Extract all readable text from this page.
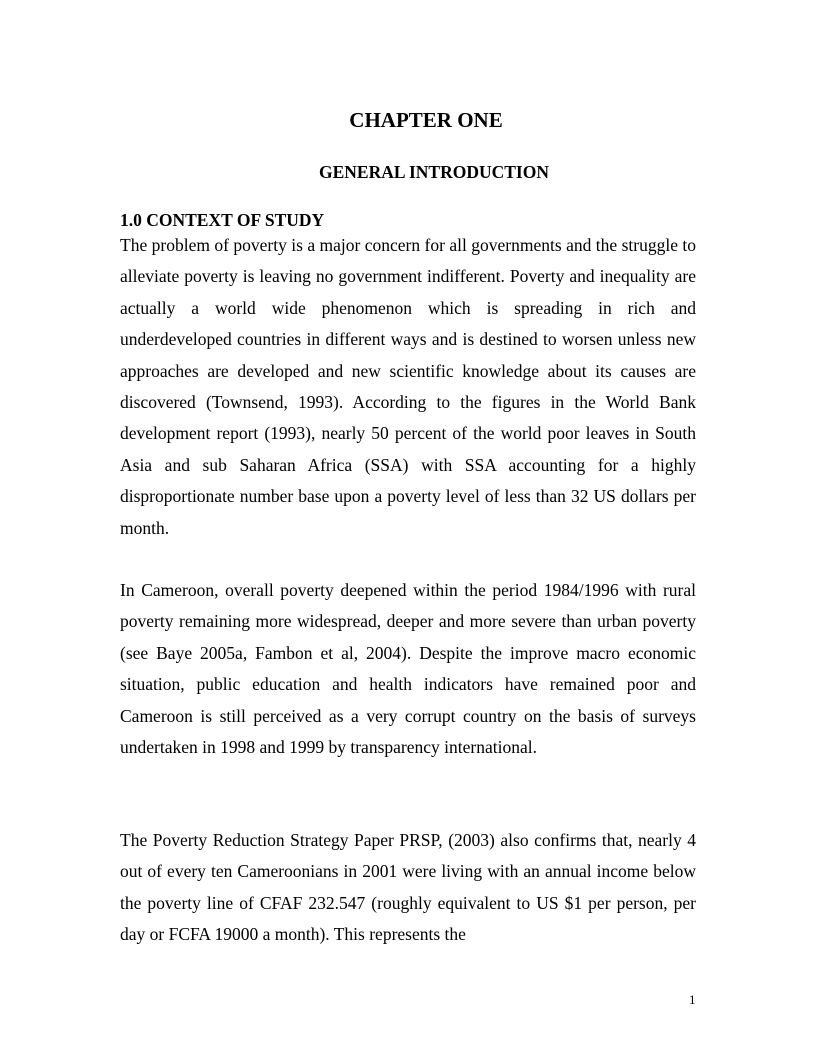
CHAPTER ONE
GENERAL INTRODUCTION
1.0 CONTEXT OF STUDY

The problem of poverty is a major concern for all governments and the struggle to alleviate poverty is leaving no government indifferent. Poverty and inequality are actually a world wide phenomenon which is spreading in rich and underdeveloped countries in different ways and is destined to worsen unless new approaches are developed and new scientific knowledge about its causes are discovered (Townsend, 1993). According to the figures in the World Bank development report (1993), nearly 50 percent of the world poor leaves in South Asia and sub Saharan Africa (SSA) with SSA accounting for a highly disproportionate number base upon a poverty level of less than 32 US dollars per month.

In Cameroon, overall poverty deepened within the period 1984/1996 with rural poverty remaining more widespread, deeper and more severe than urban poverty (see Baye 2005a, Fambon et al, 2004). Despite the improve macro economic situation, public education and health indicators have remained poor and Cameroon is still perceived as a very corrupt country on the basis of surveys undertaken in 1998 and 1999 by transparency international.

The Poverty Reduction Strategy Paper PRSP, (2003) also confirms that, nearly 4 out of every ten Cameroonians in 2001 were living with an annual income below the poverty line of CFAF 232.547 (roughly equivalent to US $1 per person, per day or FCFA 19000 a month). This represents the

1
